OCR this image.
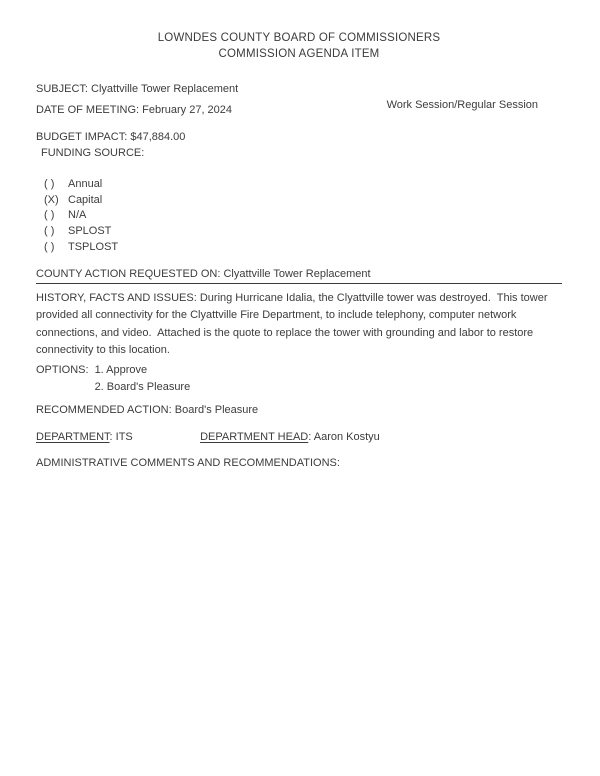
LOWNDES COUNTY BOARD OF COMMISSIONERS
COMMISSION AGENDA ITEM
SUBJECT: Clyattville Tower Replacement
DATE OF MEETING: February 27, 2024	Work Session/Regular Session
BUDGET IMPACT: $47,884.00
FUNDING SOURCE:
( )	Annual
(X) Capital
( )	N/A
( )	SPLOST
( )	TSPLOST
COUNTY ACTION REQUESTED ON: Clyattville Tower Replacement

HISTORY, FACTS AND ISSUES: During Hurricane Idalia, the Clyattville tower was destroyed.  This tower provided all connectivity for the Clyattville Fire Department, to include telephony, computer network connections, and video.  Attached is the quote to replace the tower with grounding and labor to restore connectivity to this location.

OPTIONS: 1. Approve
2. Board's Pleasure
RECOMMENDED ACTION: Board's Pleasure
DEPARTMENT: ITS	DEPARTMENT HEAD: Aaron Kostyu
ADMINISTRATIVE COMMENTS AND RECOMMENDATIONS:
